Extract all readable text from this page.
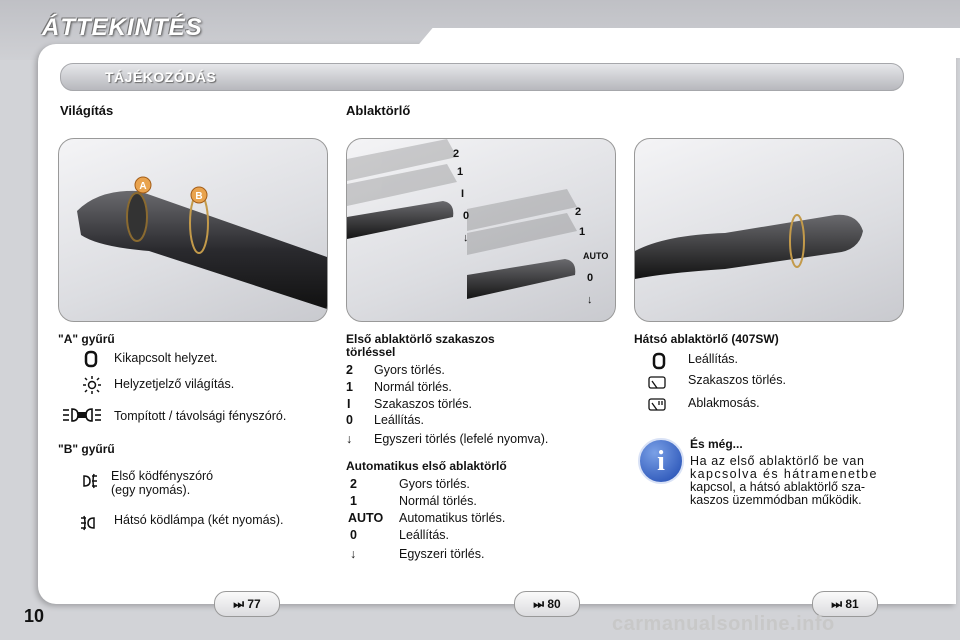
ÁTTEKINTÉS
TÁJÉKOZÓDÁS
Világítás	Ablaktörlő
A
B
2
1
I
0
↓
2
1
AUTO
0
↓
"A" gyűrű
Kikapcsolt helyzet.
Helyzetjelző világítás.
Tompított / távolsági fényszóró.
"B" gyűrű
Első ködfényszóró
(egy nyomás).
Hátsó ködlámpa (két nyomás).
Első ablaktörlő szakaszos
törléssel
2 Gyors törlés.
1 Normál törlés.
I Szakaszos törlés.
0 Leállítás.
↓ Egyszeri törlés (lefelé nyomva).
Automatikus első ablaktörlő
2	Gyors törlés.
1	Normál törlés.
AUTO Automatikus törlés.
0	Leállítás.
↓	Egyszeri törlés.
Hátsó ablaktörlő (407SW)
Leállítás.
Szakaszos törlés.
Ablakmosás.
i
És még...
Ha az első ablaktörlő be van
kapcsolva és hátramenetbe
kapcsol, a hátsó ablaktörlő sza-
kaszos üzemmódban működik.
⏭ 77	⏭ 80	⏭ 81
10	carmanualsonline.info
